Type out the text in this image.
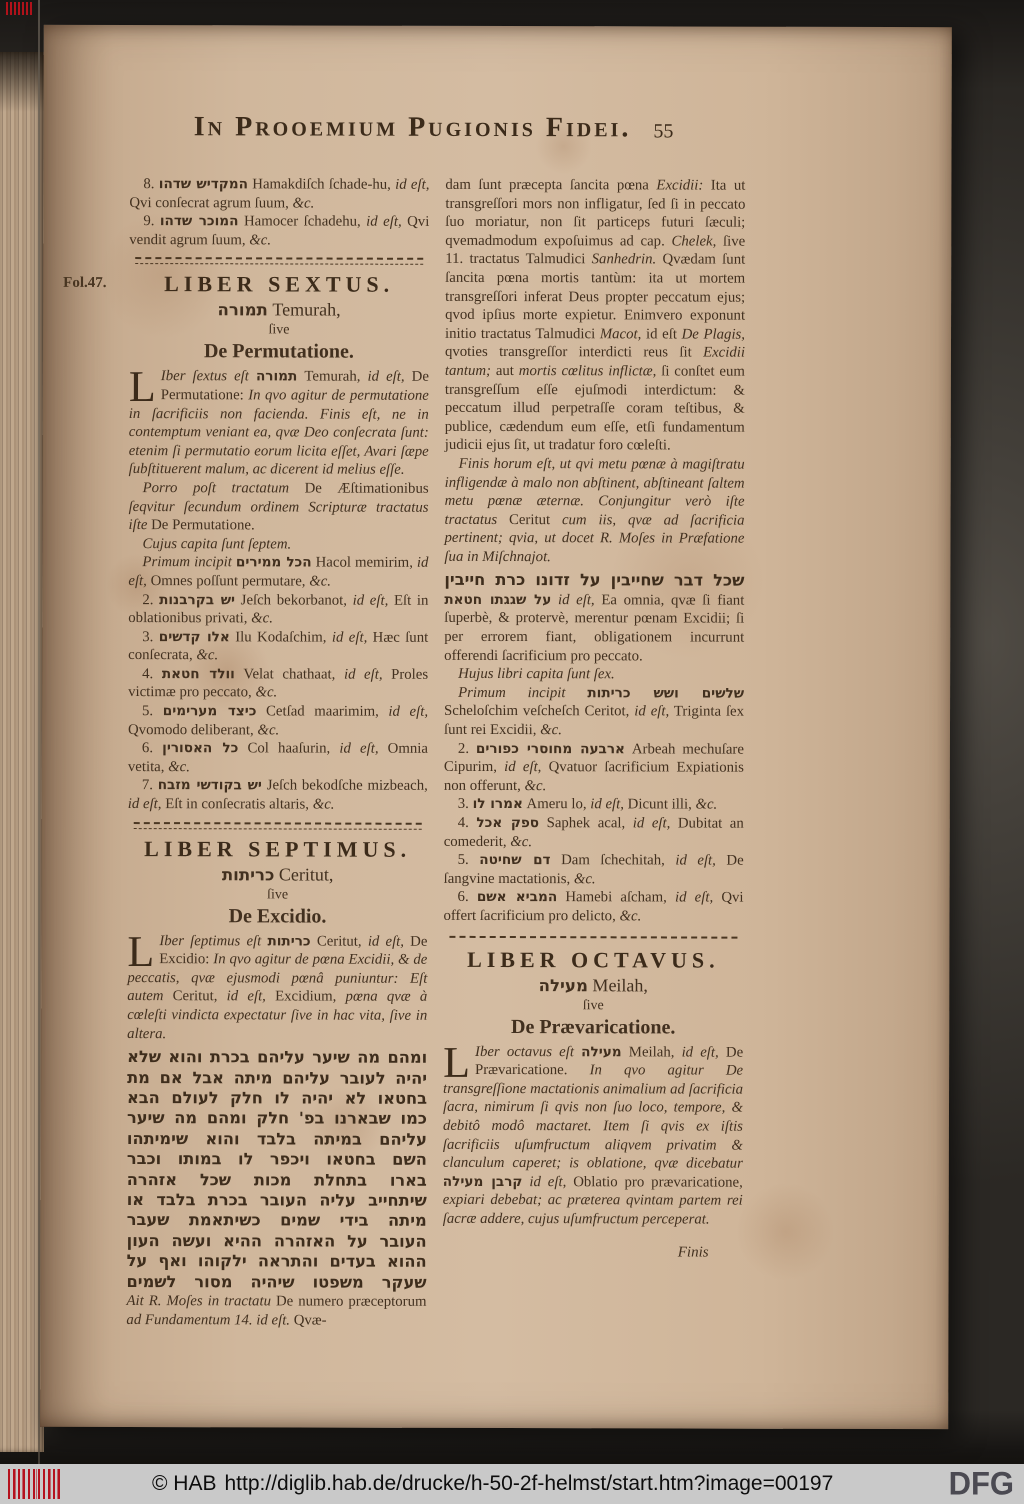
In Prooemium Pugionis Fidei. 55
Fol.47.

8. המקדיש שדהו Hamakdiſch ſchade-hu, id eſt, Qvi conſecrat agrum ſuum, &c.

9. המוכר שדהו Hamocer ſchadehu, id eſt, Qvi vendit agrum ſuum, &c.

LIBER SEXTUS.

תמורה Temurah,

ſive

De Permutatione.

L Iber ſextus eſt תמורה Temurah, id eſt, De Permutatione: In qvo agitur de permutatione in ſacrificiis non facienda. Finis eſt, ne in contemptum veniant ea, qvæ Deo conſecrata ſunt: etenim ſi permutatio eorum licita eſſet, Avari ſæpe ſubſtituerent malum, ac dicerent id melius eſſe.

Porro poſt tractatum De Æſtimationibus ſeqvitur ſecundum ordinem Scripturæ tractatus iſte De Permutatione.

Cujus capita ſunt ſeptem.

Primum incipit הכל ממירים Hacol memirim, id eſt, Omnes poſſunt permutare, &c.

2. יש בקרבנות Jeſch bekorbanot, id eſt, Eſt in oblationibus privati, &c.

3. אלו קדשים Ilu Kodaſchim, id eſt, Hæc ſunt conſecrata, &c.

4. וולד חטאת Velat chathaat, id eſt, Proles victimæ pro peccato, &c.

5. כיצד מערימים Cetſad maarimim, id eſt, Qvomodo deliberant, &c.

6. כל האסורין Col haaſurin, id eſt, Omnia vetita, &c.

7. יש בקודשי מזבח Jeſch bekodſche mizbeach, id eſt, Eſt in conſecratis altaris, &c.

LIBER SEPTIMUS.

כריתות Ceritut,

ſive

De Excidio.

L Iber ſeptimus eſt כריתות Ceritut, id eſt, De Excidio: In qvo agitur de pœna Excidii, & de peccatis, qvæ ejusmodi pœnâ puniuntur: Eſt autem Ceritut, id eſt, Excidium, pœna qvæ à cœleſti vindicta expectatur ſive in hac vita, ſive in altera.

ומהם מה שיער עליהם בכרת והוא שלא
יהיה לעובר עליהם מיתה אבל אם מת
בחטאו לא יהיה לו חלק לעולם הבא
כמו שבארנו בפ' חלק ומהם מה שיער
עליהם במיתה בלבד והוא שימיתהו
השם בחטאו ויכפר לו במותו וכבר
בארו בתחלת מכות שכל אזהרה
שיתחייב עליה העובר בכרת בלבד או
מיתה בידי שמים כשיתאמת שעבר
העובר על האזהרה ההיא ועשה העון
ההוא בעדים והתראה ילקוהו ואף על
שעקר משפטו שיהיה מסור לשמים

Ait R. Moſes in tractatu De numero præceptorum ad Fundamentum 14. id eſt. Qvæ-

dam ſunt præcepta ſancita pœna Excidii: Ita ut transgreſſori mors non infligatur, ſed ſi in peccato ſuo moriatur, non ſit particeps futuri ſæculi; qvemadmodum expoſuimus ad cap. Chelek, ſive 11. tractatus Talmudici Sanhedrin. Qvædam ſunt ſancita pœna mortis tantùm: ita ut mortem transgreſſori inferat Deus propter peccatum ejus; qvod ipſius morte expietur. Enimvero exponunt initio tractatus Talmudici Macot, id eſt De Plagis, qvoties transgreſſor interdicti reus ſit Excidii tantum; aut mortis cœlitus inflictæ, ſi conſtet eum transgreſſum eſſe ejuſmodi interdictum: & peccatum illud perpetraſſe coram teſtibus, & publice, cædendum eum eſſe, etſi fundamentum judicii ejus ſit, ut tradatur foro cœleſti.

Finis horum eſt, ut qvi metu pœnæ à magiſtratu infligendæ à malo non abſtinent, abſtineant ſaltem metu pœnæ æternæ. Conjungitur verò iſte tractatus Ceritut cum iis, qvæ ad ſacrificia pertinent; qvia, ut docet R. Moſes in Præfatione ſua in Miſchnajot.

שכל דבר שחייבין על זדונו כרת חייבין

על שגגתו חטאת id eſt, Ea omnia, qvæ ſi fiant ſuperbè, & protervè, merentur pœnam Excidii; ſi per errorem fiant, obligationem incurrunt offerendi ſacrificium pro peccato.

Hujus libri capita ſunt ſex.

Primum incipit שלשים ושש כריתות Scheloſchim veſcheſch Ceritot, id eſt, Triginta ſex ſunt rei Excidii, &c.

2. ארבעה מחוסרי כפורים Arbeah mechuſare Cipurim, id eſt, Qvatuor ſacrificium Expiationis non offerunt, &c.

3. אמרו לו Ameru lo, id eſt, Dicunt illi, &c.

4. ספק אכל Saphek acal, id eſt, Dubitat an comederit, &c.

5. דם שחיטה Dam ſchechitah, id eſt, De ſangvine mactationis, &c.

6. המביא אשם Hamebi aſcham, id eſt, Qvi offert ſacrificium pro delicto, &c.

LIBER OCTAVUS.

מעילה Meilah,

ſive

De Prævaricatione.

L Iber octavus eſt מעילה Meilah, id eſt, De Prævaricatione. In qvo agitur De transgreſſione mactationis animalium ad ſacrificia ſacra, nimirum ſi qvis non ſuo loco, tempore, & debitô modô mactaret. Item ſi qvis ex iſtis ſacrificiis uſumfructum aliqvem privatim & clanculum caperet; is oblatione, qvæ dicebatur קרבן מעילה id eſt, Oblatio pro prævaricatione, expiari debebat; ac præterea qvintam partem rei ſacræ addere, cujus uſumfructum perceperat.

Finis

© HAB http://diglib.hab.de/drucke/h-50-2f-helmst/start.htm?image=00197	DFG
